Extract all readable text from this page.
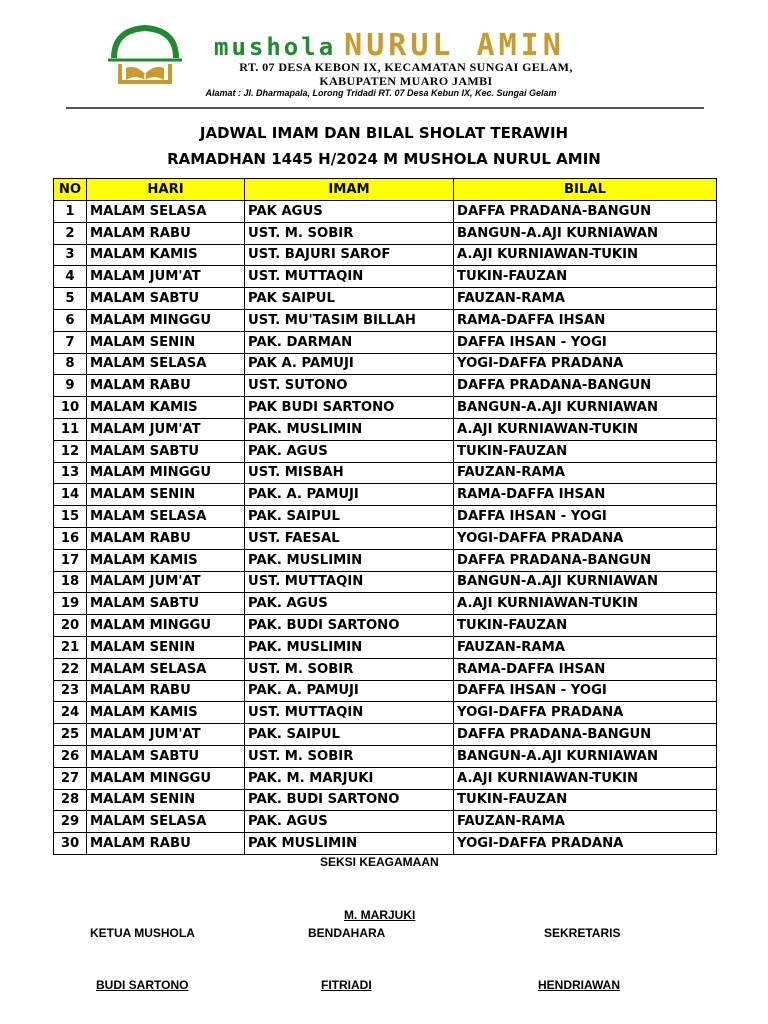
mushola NURUL AMIN
RT. 07 DESA KEBON IX, KECAMATAN SUNGAI GELAM,
KABUPATEN MUARO JAMBI
Alamat : Jl. Dharmapala, Lorong Tridadi RT. 07 Desa Kebun IX, Kec. Sungai Gelam
JADWAL IMAM DAN BILAL SHOLAT TERAWIH
RAMADHAN 1445 H/2024 M MUSHOLA NURUL AMIN
NO	HARI	IMAM	BILAL
1	MALAM SELASA	PAK AGUS	DAFFA PRADANA-BANGUN
2	MALAM RABU	UST. M. SOBIR	BANGUN-A.AJI KURNIAWAN
3	MALAM KAMIS	UST. BAJURI SAROF	A.AJI KURNIAWAN-TUKIN
4	MALAM JUM'AT	UST. MUTTAQIN	TUKIN-FAUZAN
5	MALAM SABTU	PAK SAIPUL	FAUZAN-RAMA
6	MALAM MINGGU	UST. MU'TASIM BILLAH	RAMA-DAFFA IHSAN
7	MALAM SENIN	PAK. DARMAN	DAFFA IHSAN - YOGI
8	MALAM SELASA	PAK A. PAMUJI	YOGI-DAFFA PRADANA
9	MALAM RABU	UST. SUTONO	DAFFA PRADANA-BANGUN
10	MALAM KAMIS	PAK BUDI SARTONO	BANGUN-A.AJI KURNIAWAN
11	MALAM JUM'AT	PAK. MUSLIMIN	A.AJI KURNIAWAN-TUKIN
12	MALAM SABTU	PAK. AGUS	TUKIN-FAUZAN
13	MALAM MINGGU	UST. MISBAH	FAUZAN-RAMA
14	MALAM SENIN	PAK. A. PAMUJI	RAMA-DAFFA IHSAN
15	MALAM SELASA	PAK. SAIPUL	DAFFA IHSAN - YOGI
16	MALAM RABU	UST. FAESAL	YOGI-DAFFA PRADANA
17	MALAM KAMIS	PAK. MUSLIMIN	DAFFA PRADANA-BANGUN
18	MALAM JUM'AT	UST. MUTTAQIN	BANGUN-A.AJI KURNIAWAN
19	MALAM SABTU	PAK. AGUS	A.AJI KURNIAWAN-TUKIN
20	MALAM MINGGU	PAK. BUDI SARTONO	TUKIN-FAUZAN
21	MALAM SENIN	PAK. MUSLIMIN	FAUZAN-RAMA
22	MALAM SELASA	UST. M. SOBIR	RAMA-DAFFA IHSAN
23	MALAM RABU	PAK. A. PAMUJI	DAFFA IHSAN - YOGI
24	MALAM KAMIS	UST. MUTTAQIN	YOGI-DAFFA PRADANA
25	MALAM JUM'AT	PAK. SAIPUL	DAFFA PRADANA-BANGUN
26	MALAM SABTU	UST. M. SOBIR	BANGUN-A.AJI KURNIAWAN
27	MALAM MINGGU	PAK. M. MARJUKI	A.AJI KURNIAWAN-TUKIN
28	MALAM SENIN	PAK. BUDI SARTONO	TUKIN-FAUZAN
29	MALAM SELASA	PAK. AGUS	FAUZAN-RAMA
30	MALAM RABU	PAK MUSLIMIN	YOGI-DAFFA PRADANA
SEKSI KEAGAMAAN
M. MARJUKI
KETUA MUSHOLA	BENDAHARA	SEKRETARIS
BUDI SARTONO	FITRIADI	HENDRIAWAN
